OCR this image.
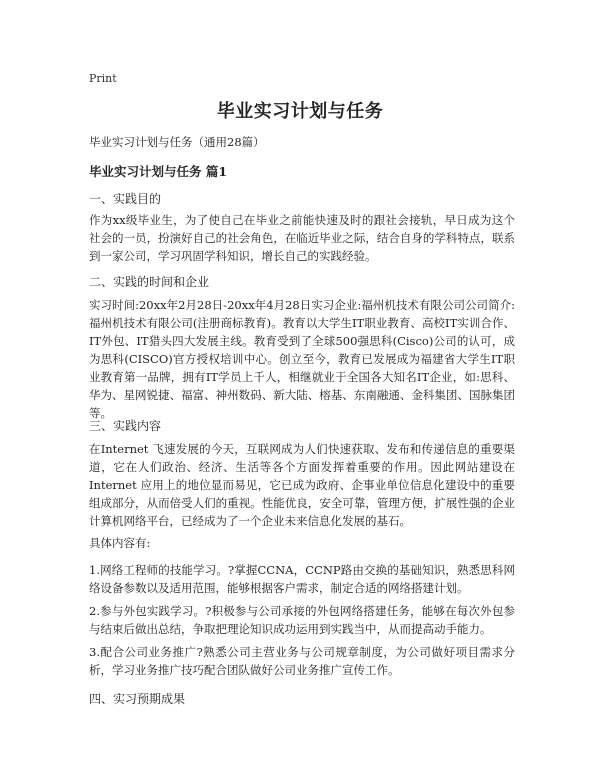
Print
毕业实习计划与任务
毕业实习计划与任务（通用28篇）
毕业实习计划与任务 篇1
一、实践目的
作为xx级毕业生，为了使自己在毕业之前能快速及时的跟社会接轨，早日成为这个社会的一员，扮演好自己的社会角色，在临近毕业之际，结合自身的学科特点，联系到一家公司，学习巩固学科知识，增长自己的实践经验。
二、实践的时间和企业
实习时间:20xx年2月28日-20xx年4月28日实习企业:福州机技术有限公司公司简介:福州机技术有限公司(注册商标教育)。教育以大学生IT职业教育、高校IT实训合作、IT外包、IT猎头四大发展主线。教育受到了全球500强思科(Cisco)公司的认可，成为思科(CISCO)官方授权培训中心。创立至今，教育已发展成为福建省大学生IT职业教育第一品牌，拥有IT学员上千人，相继就业于全国各大知名IT企业，如:思科、华为、星网锐捷、福富、神州数码、新大陆、榕基、东南融通、金科集团、国脉集团等。
三、实践内容
在Internet 飞速发展的今天，互联网成为人们快速获取、发布和传递信息的重要渠道，它在人们政治、经济、生活等各个方面发挥着重要的作用。因此网站建设在Internet 应用上的地位显而易见，它已成为政府、企事业单位信息化建设中的重要组成部分，从而倍受人们的重视。性能优良，安全可靠，管理方便，扩展性强的企业计算机网络平台，已经成为了一个企业未来信息化发展的基石。
具体内容有:
1.网络工程师的技能学习。?掌握CCNA，CCNP路由交换的基础知识，熟悉思科网络设备参数以及适用范围，能够根据客户需求，制定合适的网络搭建计划。
2.参与外包实践学习。?积极参与公司承接的外包网络搭建任务，能够在每次外包参与结束后做出总结，争取把理论知识成功运用到实践当中，从而提高动手能力。
3.配合公司业务推广?熟悉公司主营业务与公司规章制度，为公司做好项目需求分析，学习业务推广技巧配合团队做好公司业务推广宣传工作。
四、实习预期成果
